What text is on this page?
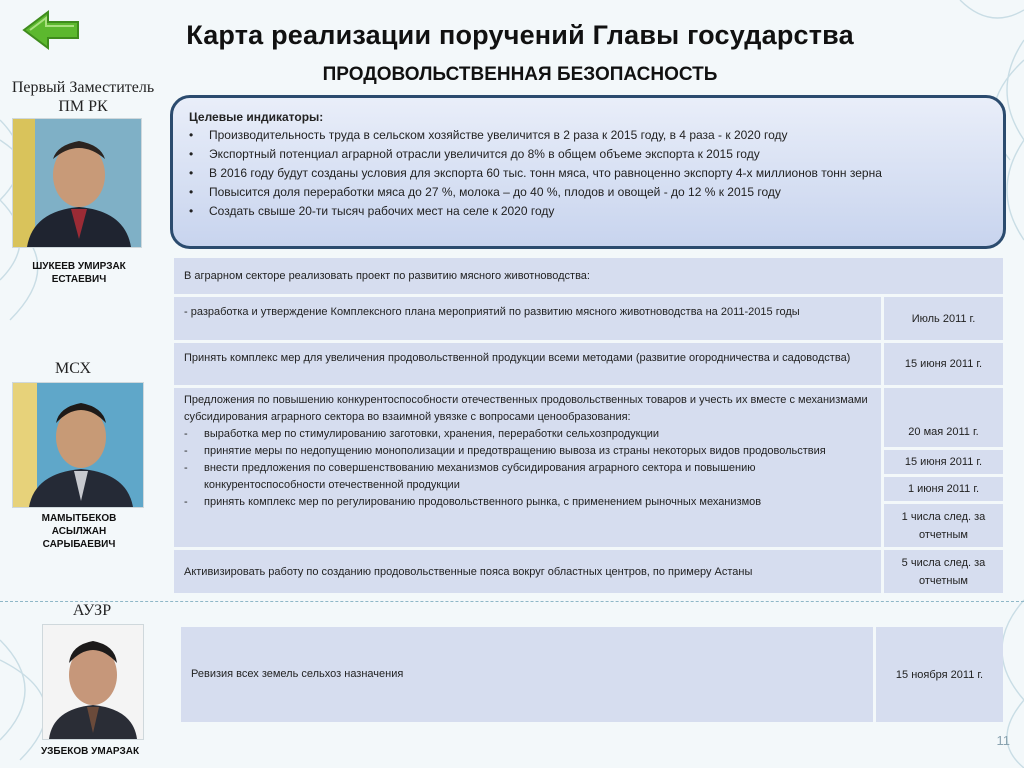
Карта реализации поручений Главы государства
ПРОДОВОЛЬСТВЕННАЯ БЕЗОПАСНОСТЬ
Первый Заместитель ПМ РК
ШУКЕЕВ УМИРЗАК
ЕСТАЕВИЧ
МСХ
МАМЫТБЕКОВ
АСЫЛЖАН
САРЫБАЕВИЧ
Целевые индикаторы:
• Производительность труда в сельском хозяйстве увеличится в 2 раза к 2015 году, в 4 раза - к 2020 году
• Экспортный потенциал аграрной отрасли увеличится до 8% в общем объеме экспорта к 2015 году
• В 2016 году будут созданы условия для экспорта 60 тыс. тонн мяса, что равноценно экспорту 4-х миллионов тонн зерна
• Повысится доля переработки мяса до 27 %, молока – до 40 %, плодов и овощей - до 12 % к 2015 году
• Создать свыше 20-ти тысяч рабочих мест на селе к 2020 году
В аграрном секторе реализовать проект по развитию мясного животноводства:
- разработка и утверждение Комплексного плана мероприятий по развитию мясного животноводства на 2011-2015 годы
Июль 2011 г.
Принять комплекс мер для увеличения продовольственной продукции всеми методами (развитие огородничества и садоводства)	15 июня 2011 г.
Предложения по повышению конкурентоспособности отечественных продовольственных товаров и учесть их вместе с механизмами субсидирования аграрного сектора во взаимной увязке с вопросами ценообразования:
- выработка мер по стимулированию заготовки, хранения, переработки сельхозпродукции
- принятие меры по недопущению монополизации и предотвращению вывоза из страны некоторых видов продовольствия
- внести предложения по совершенствованию механизмов субсидирования аграрного сектора и повышению конкурентоспособности отечественной продукции
- принять комплекс мер по регулированию продовольственного рынка, с применением рыночных механизмов
20 мая 2011 г.
15 июня 2011 г.
1 июня 2011 г.
1 числа след. за отчетным
Активизировать работу по созданию продовольственные пояса вокруг областных центров, по примеру Астаны
5 числа след. за отчетным
АУЗР
УЗБЕКОВ УМАРЗАК
Ревизия всех земель сельхоз назначения	15 ноября 2011 г.
11
